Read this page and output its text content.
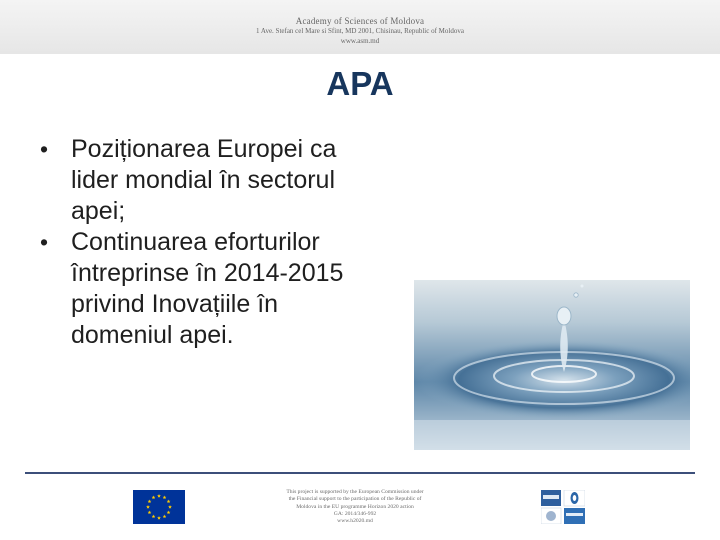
Academy of Sciences of Moldova
1 Ave. Stefan cel Mare si Sfint, MD 2001, Chisinau, Republic of Moldova
www.asm.md
APA
• Poziționarea Europei ca
lider mondial în sectorul
apei;
• Continuarea eforturilor
întreprinse în 2014-2015
privind Inovațiile în
domeniul apei.
This project is supported by the European Commission under
the Financial support to the participation of the Republic of
Moldova in the EU programme Horizon 2020 action
GA: 2014/346-992
www.h2020.md
